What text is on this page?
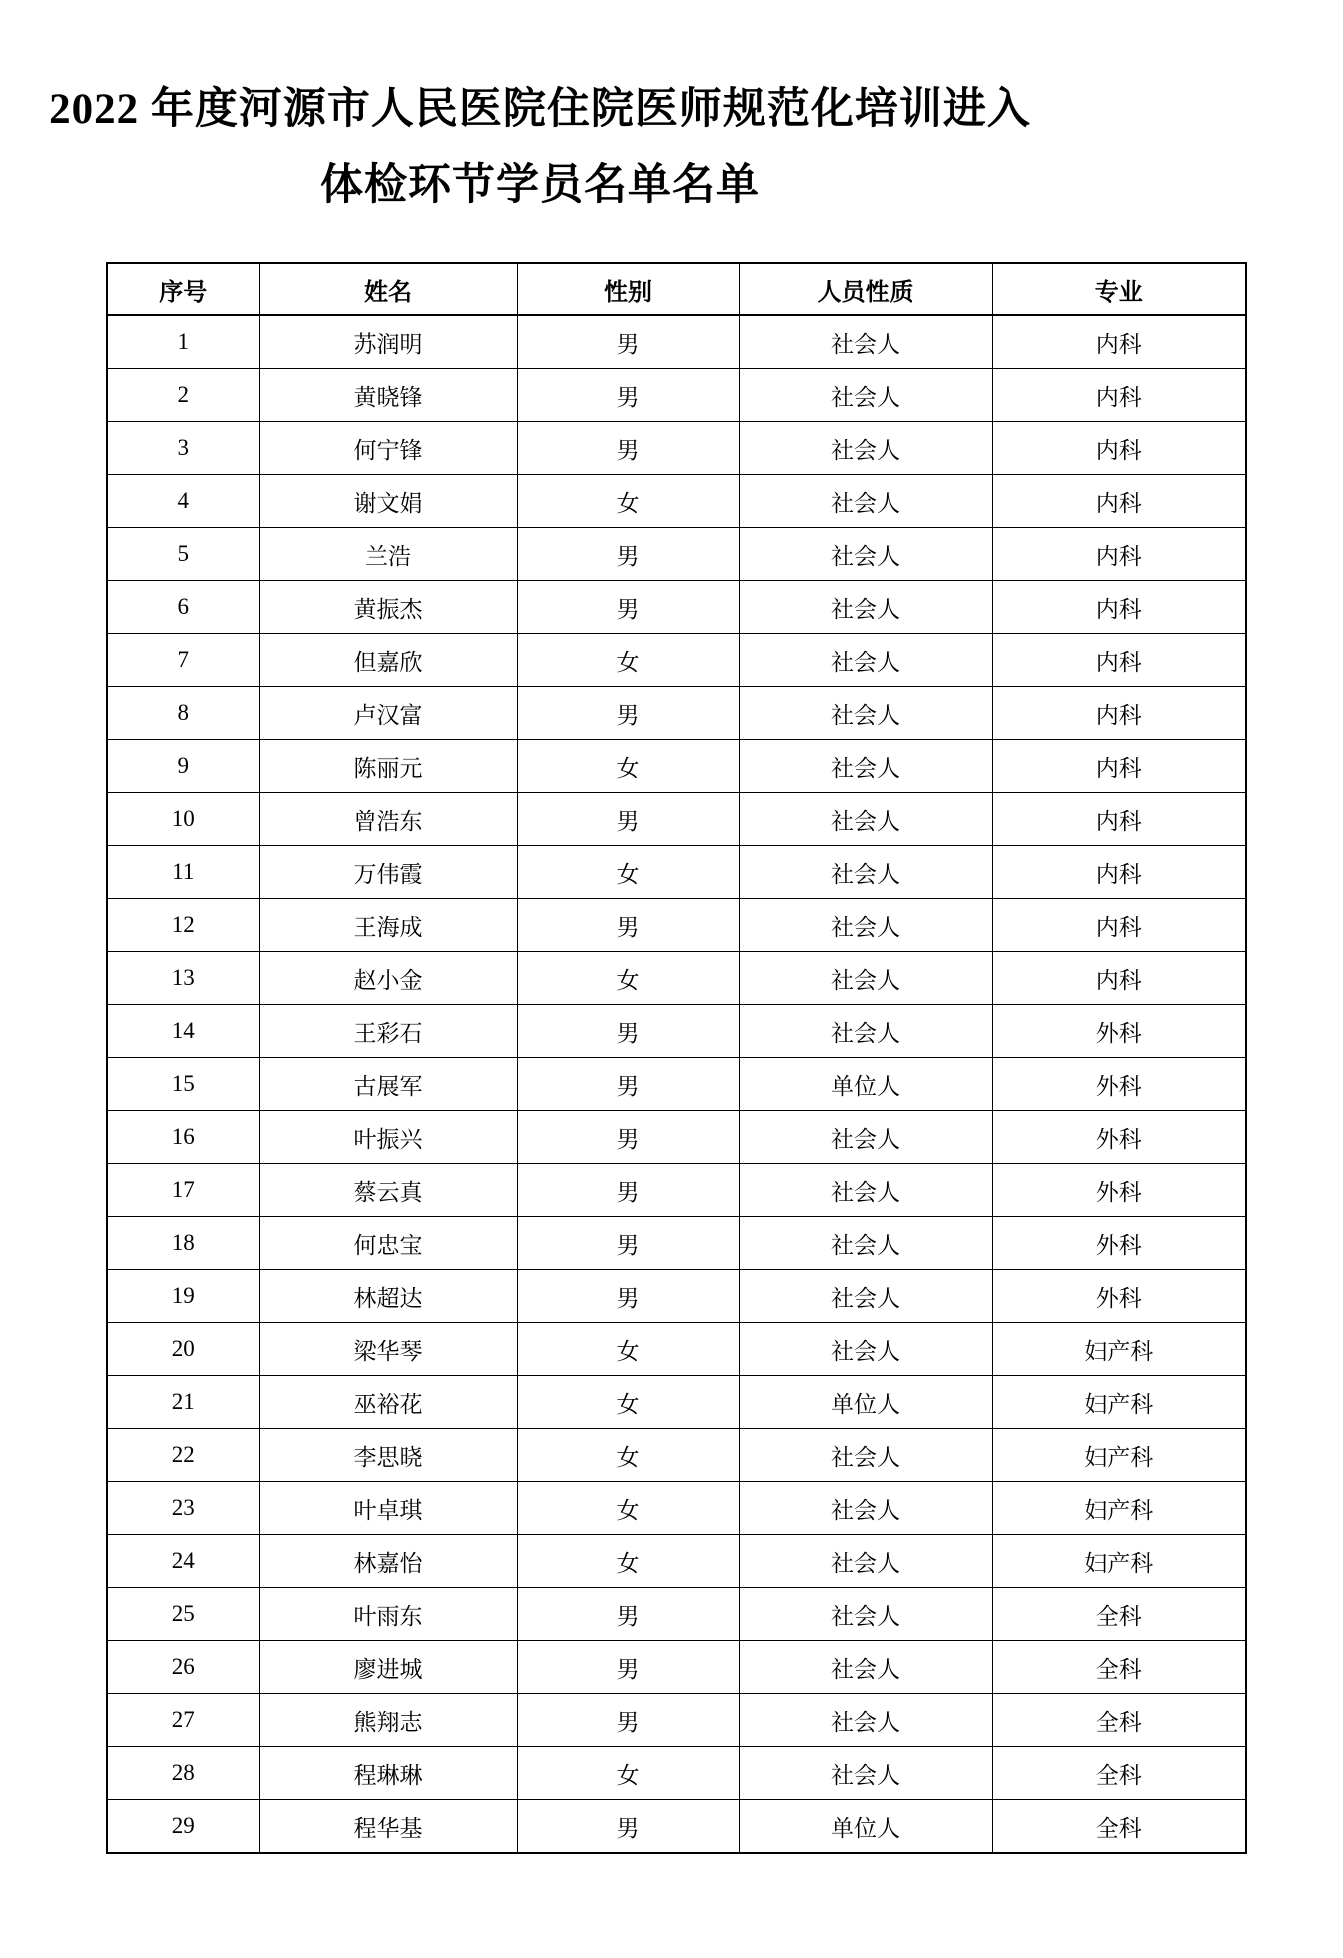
2022 年度河源市人民医院住院医师规范化培训进入
体检环节学员名单名单
序号	姓名	性别	人员性质	专业
1	苏润明	男	社会人	内科
2	黄晓锋	男	社会人	内科
3	何宁锋	男	社会人	内科
4	谢文娟	女	社会人	内科
5	兰浩	男	社会人	内科
6	黄振杰	男	社会人	内科
7	但嘉欣	女	社会人	内科
8	卢汉富	男	社会人	内科
9	陈丽元	女	社会人	内科
10	曾浩东	男	社会人	内科
11	万伟霞	女	社会人	内科
12	王海成	男	社会人	内科
13	赵小金	女	社会人	内科
14	王彩石	男	社会人	外科
15	古展军	男	单位人	外科
16	叶振兴	男	社会人	外科
17	蔡云真	男	社会人	外科
18	何忠宝	男	社会人	外科
19	林超达	男	社会人	外科
20	梁华琴	女	社会人	妇产科
21	巫裕花	女	单位人	妇产科
22	李思晓	女	社会人	妇产科
23	叶卓琪	女	社会人	妇产科
24	林嘉怡	女	社会人	妇产科
25	叶雨东	男	社会人	全科
26	廖进城	男	社会人	全科
27	熊翔志	男	社会人	全科
28	程琳琳	女	社会人	全科
29	程华基	男	单位人	全科
